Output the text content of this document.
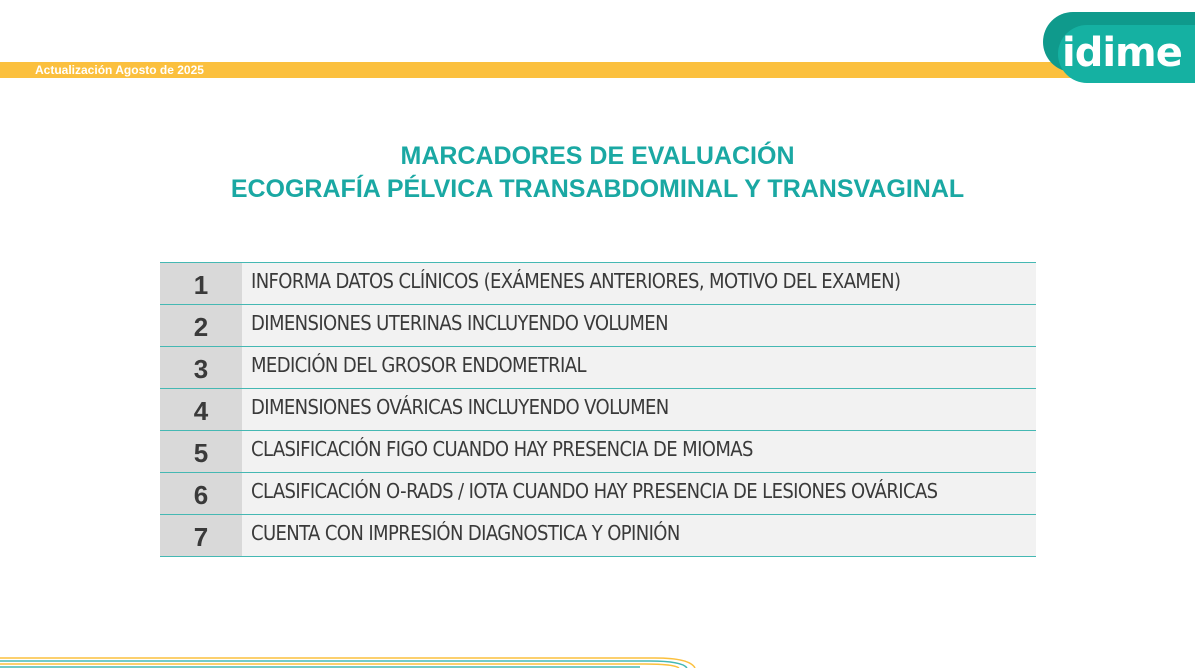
Actualización Agosto de 2025	idime
MARCADORES DE EVALUACIÓN
ECOGRAFÍA PÉLVICA TRANSABDOMINAL Y TRANSVAGINAL
1	INFORMA DATOS CLÍNICOS (EXÁMENES ANTERIORES, MOTIVO DEL EXAMEN)
2	DIMENSIONES UTERINAS INCLUYENDO VOLUMEN
3	MEDICIÓN DEL GROSOR ENDOMETRIAL
4	DIMENSIONES OVÁRICAS INCLUYENDO VOLUMEN
5	CLASIFICACIÓN FIGO CUANDO HAY PRESENCIA DE MIOMAS
6	CLASIFICACIÓN O-RADS / IOTA CUANDO HAY PRESENCIA DE LESIONES OVÁRICAS
7	CUENTA CON IMPRESIÓN DIAGNOSTICA Y OPINIÓN
